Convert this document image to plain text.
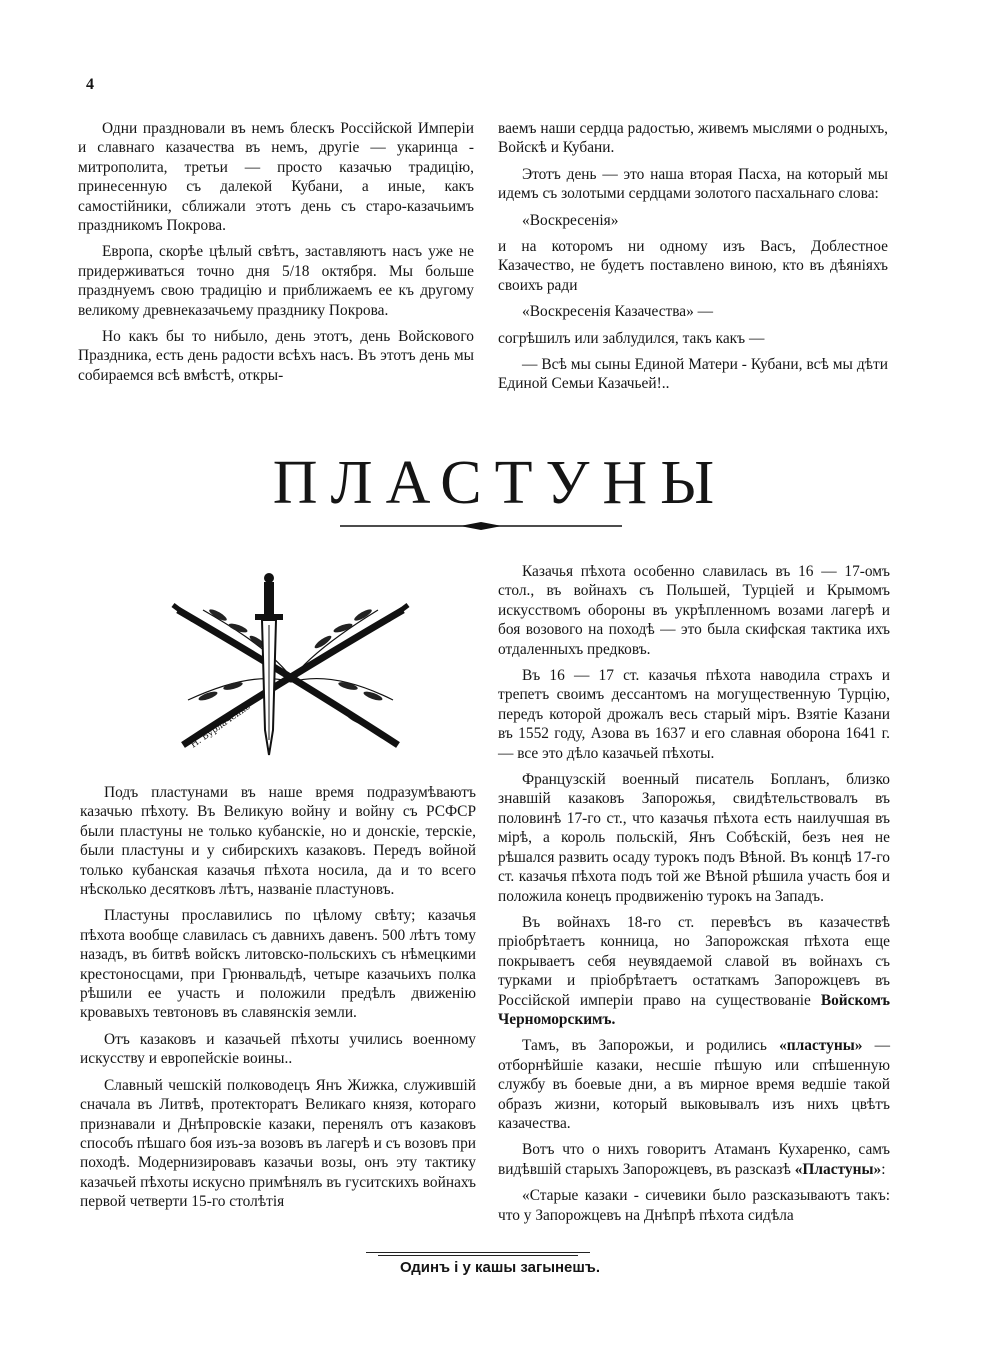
4

Одни праздновали въ немъ блескъ Россійской Имперіи и славнаго казачества въ немъ, другіе — укаринца - митрополита, третьи — просто казачью традицію, принесенную съ далекой Кубани, а иные, какъ самостійники, сближали этотъ день съ старо-казачьимъ праздникомъ Покрова.

Европа, скорѣе цѣлый свѣтъ, заставляютъ насъ уже не придерживаться точно дня 5/18 октября. Мы больше празднуемъ свою традицію и приближаемъ ее къ другому великому древнеказачьему празднику Покрова.

Но какъ бы то нибыло, день этотъ, день Войскового Праздника, есть день радости всѣхъ насъ. Въ этотъ день мы собираемся всѣ вмѣстѣ, откры-

ваемъ наши сердца радостью, живемъ мыслями о родныхъ, Войскѣ и Кубани.

Этотъ день — это наша вторая Пасха, на который мы идемъ съ золотыми сердцами золотого пасхальнаго слова:

«Воскресенія»

и на которомъ ни одному изъ Васъ, Доблестное Казачество, не будетъ поставлено виною, кто въ дѣяніяхъ своихъ ради

«Воскресенія Казачества» —

согрѣшилъ или заблудился, такъ какъ —

— Всѣ мы сыны Единой Матери - Кубани, всѣ мы дѣти Единой Семьи Казачьей!..

ПЛАСТУНЫ
Н. Бурлаченко

Подъ пластунами въ наше время подразумѣваютъ казачью пѣхоту. Въ Великую войну и войну съ РСФСР были пластуны не только кубанскіе, но и донскіе, терскіе, были пластуны и у сибирскихъ казаковъ. Передъ войной только кубанская казачья пѣхота носила, да и то всего нѣсколько десятковъ лѣтъ, названіе пластуновъ.

Пластуны прославились по цѣлому свѣту; казачья пѣхота вообще славилась съ давнихъ давенъ. 500 лѣтъ тому назадъ, въ битвѣ войскъ литовско-польскихъ съ нѣмецкими крестоносцами, при Грюнвальдѣ, четыре казачьихъ полка рѣшили ее участь и положили предѣлъ движенію кровавыхъ тевтоновъ въ славянскія земли.

Отъ казаковъ и казачьей пѣхоты учились военному искусству и европейскіе воины..

Славный чешскій полководецъ Янъ Жижка, служившій сначала въ Литвѣ, протекторатъ Великаго князя, котораго признавали и Днѣпровскіе казаки, перенялъ отъ казаковъ способъ пѣшаго боя изъ-за возовъ въ лагерѣ и съ возовъ при походѣ. Модернизировавъ казачьи возы, онъ эту тактику казачьей пѣхоты искусно примѣнялъ въ гуситскихъ войнахъ первой четверти 15-го столѣтія

Казачья пѣхота особенно славилась въ 16 — 17-омъ стол., въ войнахъ съ Польшей, Турціей и Крымомъ искусствомъ обороны въ укрѣпленномъ возами лагерѣ и боя возового на походѣ — это была скифская тактика ихъ отдаленныхъ предковъ.

Въ 16 — 17 ст. казачья пѣхота наводила страхъ и трепетъ своимъ дессантомъ на могущественную Турцію, передъ которой дрожалъ весь старый міръ. Взятіе Казани въ 1552 году, Азова въ 1637 и его славная оборона 1641 г. — все это дѣло казачьей пѣхоты.

Французскій военный писатель Бопланъ, близко знавшій казаковъ Запорожья, свидѣтельствовалъ въ половинѣ 17-го ст., что казачья пѣхота есть наилучшая въ мірѣ, а король польскій, Янъ Собѣскій, безъ нея не рѣшался развить осаду турокъ подъ Вѣной. Въ концѣ 17-го ст. казачья пѣхота подъ той же Вѣной рѣшила участь боя и положила конецъ продвиженію турокъ на Западъ.

Въ войнахъ 18-го ст. перевѣсъ въ казачествѣ пріобрѣтаетъ конница, но Запорожская пѣхота еще покрываетъ себя неувядаемой славой въ войнахъ съ турками и пріобрѣтаетъ остаткамъ Запорожцевъ въ Россійской имперіи право на существованіе Войскомъ Черноморскимъ.

Тамъ, въ Запорожьи, и родились «пластуны» — отборнѣйшіе казаки, несшіе пѣшую или спѣшенную службу въ боевые дни, а въ мирное время ведшіе такой образъ жизни, который выковывалъ изъ нихъ цвѣтъ казачества.

Вотъ что о нихъ говоритъ Атаманъ Кухаренко, самъ видѣвшій старыхъ Запорожцевъ, въ разсказѣ «Пластуны»:

«Старые казаки - сичевики было разсказываютъ такъ: что у Запорожцевъ на Днѣпрѣ пѣхота сидѣла

Одинъ і у кашы загынешъ.
